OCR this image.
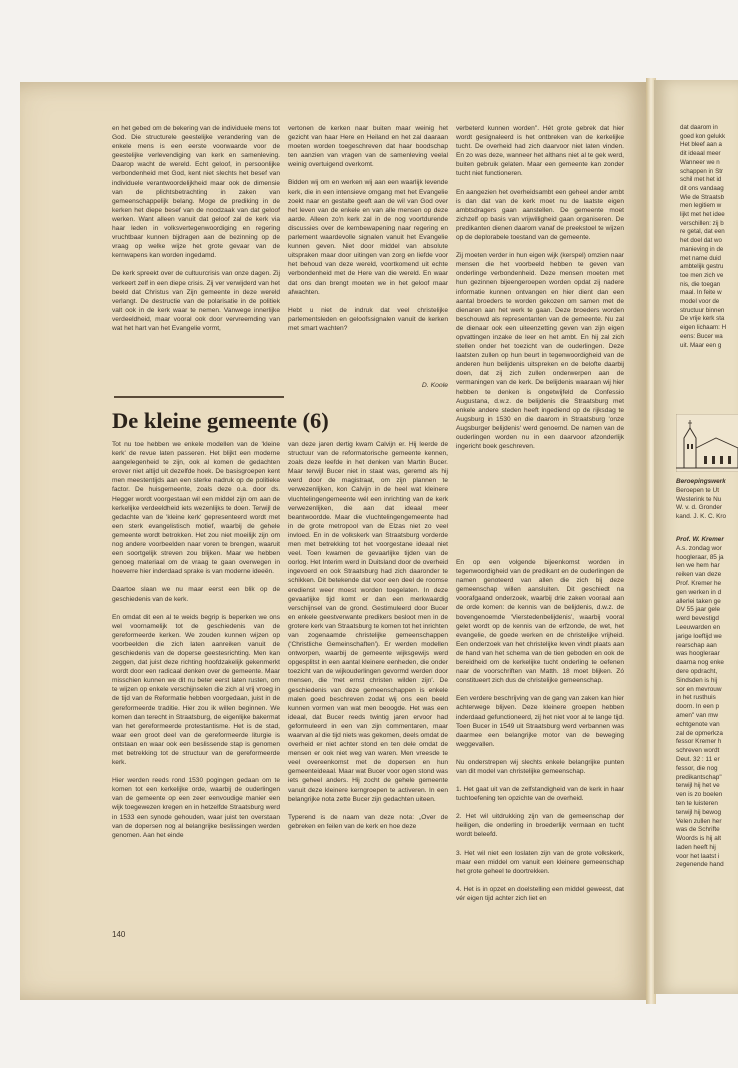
en het gebed om de bekering van de individuele mens tot God. Die structurele geestelijke verandering van de enkele mens is een eerste voorwaarde voor de geestelijke verlevendiging van kerk en samenleving. Daarop wacht de wereld. Echt geloof, in persoonlijke verbondenheid met God, kent niet slechts het besef van individuele verantwoordelijkheid maar ook de dimensie van de plichtsbetrachting in zaken van gemeenschappelijk belang. Moge de prediking in de kerken het diepe besef van de noodzaak van dat geloof werken. Want alleen vanuit dat geloof zal de kerk via haar leden in volksvertegenwoordiging en regering vruchtbaar kunnen bijdragen aan de bezinning op de vraag op welke wijze het grote gevaar van de kernwapens kan worden ingedamd.

De kerk spreekt over de cultuurcrisis van onze dagen. Zij verkeert zelf in een diepe crisis. Zij ver verwijderd van het beeld dat Christus van Zijn gemeente in deze wereld verlangt. De destructie van de polarisatie in de politiek valt ook in de kerk waar te nemen. Vanwege innerlijke verdeeldheid, maar vooral ook door vervreemding van wat het hart van het Evangelie vormt,

vertonen de kerken naar buiten maar weinig het gezicht van haar Here en Heiland en het zal daaraan moeten worden toegeschreven dat haar boodschap ten aanzien van vragen van de samenleving veelal weinig overtuigend overkomt.

Bidden wij om en werken wij aan een waarlijk levende kerk, die in een intensieve omgang met het Evangelie zoekt naar en gestalte geeft aan de wil van God over het leven van de enkele en van alle mensen op deze aarde. Alleen zo'n kerk zal in de nog voortdurende discussies over de kernbewapening naar regering en parlement waardevolle signalen vanuit het Evangelie kunnen geven. Niet door middel van absolute uitspraken maar door uitingen van zorg en liefde voor het behoud van deze wereld, voortkomend uit echte verbondenheid met de Here van die wereld. En waar dat ons dan brengt moeten we in het geloof maar afwachten.

Hebt u niet de indruk dat veel christelijke parlementsleden en geloofssignalen vanuit de kerken met smart wachten?

D. Koole

verbeterd kunnen worden". Hét grote gebrek dat hier wordt gesignaleerd is het ontbreken van de kerkelijke tucht. De overheid had zich daarvoor niet laten vinden. En zo was deze, wanneer het althans niet al te gek werd, buiten gebruik gelaten. Maar een gemeente kan zonder tucht niet functioneren.

En aangezien het overheidsambt een geheel ander ambt is dan dat van de kerk moet nu de laatste eigen ambtsdragers gaan aanstellen. De gemeente moet zichzelf op basis van vrijwilligheid gaan organiseren. De predikanten dienen daarom vanaf de preekstoel te wijzen op de deplorabele toestand van de gemeente.

Zij moeten verder in hun eigen wijk (kerspel) omzien naar mensen die het voorbeeld hebben te geven van onderlinge verbondenheid. Deze mensen moeten met hun gezinnen bijeengeroepen worden opdat zij nadere informatie kunnen ontvangen en hier dient dan een aantal broeders te worden gekozen om samen met de dienaren aan het werk te gaan. Deze broeders worden beschouwd als representanten van de gemeente. Nu zal de dienaar ook een uiteenzetting geven van zijn eigen opvattingen inzake de leer en het ambt. En hij zal zich stellen onder het toezicht van de ouderlingen. Deze laatsten zullen op hun beurt in tegenwoordigheid van de anderen hun belijdenis uitspreken en de belofte daarbij doen, dat zij zich zullen onderwerpen aan de vermaningen van de kerk. De belijdenis waaraan wij hier hebben te denken is ongetwijfeld de Confessio Augustana, d.w.z. de belijdenis die Straatsburg met enkele andere steden heeft ingediend op de rijksdag te Augsburg in 1530 en die daarom in Straatsburg 'onze Augsburger belijdenis' werd genoemd. De namen van de ouderlingen worden nu in een daarvoor afzonderlijk ingericht boek geschreven.

De kleine gemeente (6)

Tot nu toe hebben we enkele modellen van de 'kleine kerk' de revue laten passeren. Het blijkt een moderne aangelegenheid te zijn, ook al komen de gedachten erover niet altijd uit dezelfde hoek. De basisgroepen kent men meestentijds aan een sterke nadruk op de politieke factor. De huisgemeente, zoals deze o.a. door ds. Hegger wordt voorgestaan wil een middel zijn om aan de kerkelijke verdeeldheid iets wezenlijks te doen. Terwijl de gedachte van de 'kleine kerk' gepresenteerd wordt met een sterk evangelistisch motief, waarbij de gehele gemeente wordt betrokken. Het zou niet moeilijk zijn om nog andere voorbeelden naar voren te brengen, waaruit een soortgelijk streven zou blijken. Maar we hebben genoeg materiaal om de vraag te gaan overwegen in hoeverre hier inderdaad sprake is van moderne ideeën.

Daartoe slaan we nu maar eerst een blik op de geschiedenis van de kerk.

En omdat dit een al te weids begrip is beperken we ons wel voornamelijk tot de geschiedenis van de gereformeerde kerken. We zouden kunnen wijzen op voorbeelden die zich laten aanreiken vanuit de geschiedenis van de doperse geestesrichting. Men kan zeggen, dat juist deze richting hoofdzakelijk gekenmerkt wordt door een radicaal denken over de gemeente. Maar misschien kunnen we dit nu beter eerst laten rusten, om te wijzen op enkele verschijnselen die zich al vrij vroeg in de tijd van de Reformatie hebben voorgedaan, juist in de gereformeerde traditie. Hier zou ik willen beginnen. We komen dan terecht in Straatsburg, de eigenlijke bakermat van het gereformeerde protestantisme. Het is de stad, waar een groot deel van de gereformeerde liturgie is ontstaan en waar ook een beslissende stap is genomen met betrekking tot de structuur van de gereformeerde kerk.

Hier werden reeds rond 1530 pogingen gedaan om te komen tot een kerkelijke orde, waarbij de ouderlingen van de gemeente op een zeer eenvoudige manier een wijk toegewezen kregen en in hetzelfde Straatsburg werd in 1533 een synode gehouden, waar juist ten overstaan van de dopersen nog al belangrijke beslissingen werden genomen. Aan het einde

van deze jaren dertig kwam Calvijn er. Hij leerde de structuur van de reformatorische gemeente kennen, zoals deze leefde in het denken van Martin Bucer. Maar terwijl Bucer niet in staat was, geremd als hij werd door de magistraat, om zijn plannen te verwezenlijken, kon Calvijn in de heel wat kleinere vluchtelingengemeente wél een inrichting van de kerk verwezenlijken, die aan dat ideaal meer beantwoordde. Maar die vluchtelingengemeente had in de grote metropool van de Elzas niet zo veel invloed. En in de volkskerk van Straatsburg vorderde men met betrekking tot het voorgestane ideaal niet veel. Toen kwamen de gevaarlijke tijden van de oorlog. Het Interim werd in Duitsland door de overheid ingevoerd en ook Straatsburg had zich daaronder te schikken. Dit betekende dat voor een deel de roomse eredienst weer moest worden toegelaten. In deze gevaarlijke tijd komt er dan een merkwaardig verschijnsel van de grond. Gestimuleerd door Bucer en enkele geestverwante predikers besloot men in de grotere kerk van Straatsburg te komen tot het inrichten van zogenaamde christelijke gemeenschappen ('Christliche Gemeinschaften'). Er werden modellen ontworpen, waarbij de gemeente wijksgewijs werd opgesplitst in een aantal kleinere eenheden, die onder toezicht van de wijkouderlingen gevormd werden door mensen, die 'met ernst christen wilden zijn'. De geschiedenis van deze gemeenschappen is enkele malen goed beschreven zodat wij ons een beeld kunnen vormen van wat men beoogde. Het was een ideaal, dat Bucer reeds twintig jaren ervoor had geformuleerd in een van zijn commentaren, maar waarvan al die tijd niets was gekomen, deels omdat de overheid er niet achter stond en ten dele omdat de mensen er ook niet weg van waren. Men vreesde te veel overeenkomst met de dopersen en hun gemeenteideaal. Maar wat Bucer voor ogen stond was iets geheel anders. Hij zocht de gehele gemeente vanuit deze kleinere kerngroepen te activeren. In een belangrijke nota zette Bucer zijn gedachten uiteen.

Typerend is de naam van deze nota: „Over de gebreken en feilen van de kerk en hoe deze

En op een volgende bijeenkomst worden in tegenwoordigheid van de predikant en de ouderlingen de namen genoteerd van allen die zich bij deze gemeenschap willen aansluiten. Dit geschiedt na voorafgaand onderzoek, waarbij drie zaken vooraal aan de orde komen: de kennis van de belijdenis, d.w.z. de bovengenoemde 'Vierstedenbelijdenis', waarbij vooral gelet wordt op de kennis van de erfzonde, de wet, het evangelie, de goede werken en de christelijke vrijheid. Een onderzoek van het christelijke leven vindt plaats aan de hand van het schema van de tien geboden en ook de bereidheid om de kerkelijke tucht onderling te oefenen naar de voorschriften van Matth. 18 moet blijken. Zó constitueert zich dus de christelijke gemeenschap.

Een verdere beschrijving van de gang van zaken kan hier achterwege blijven. Deze kleinere groepen hebben inderdaad gefunctioneerd, zij het niet voor al te lange tijd. Toen Bucer in 1549 uit Straatsburg werd verbannen was daarmee een belangrijke motor van de beweging weggevallen.

Nu onderstrepen wij slechts enkele belangrijke punten van dit model van christelijke gemeenschap.

1. Het gaat uit van de zelfstandigheid van de kerk in haar tuchtoefening ten opzichte van de overheid.

2. Het wil uitdrukking zijn van de gemeenschap der heiligen, die onderling in broederlijk vermaan en tucht wordt beleefd.

3. Het wil niet een loslaten zijn van de grote volkskerk, maar een middel om vanuit een kleinere gemeenschap het grote geheel te doortrekken.

4. Het is in opzet en doelstelling een middel geweest, dat vér eigen tijd achter zich liet en

140
dat daarom in
goed kon gelukk
Het bleef aan a
dit ideaal meer
Wanneer we n
schappen in Str
schil met het id
dit ons vandaag
Wie de Straatsb
men legitiem w
lijkt met het idee
verschillen: zij b
re getal, dat een
het doel dat wo
manieving in de
met name duid
ambtelijk gestru
toe men zich ve
nis, die toegan
maal. In feite w
model voor de
structuur binnen
De vrije kerk sta
eigen lichaam: H
eens: Bucer wa
uit. Maar een g
Beroepingswerk
Beroepen te Ut
Westerink te Nu
W. v. d. Gronder
kand. J. K. C. Kro
Prof. W. Kremer
A.s. zondag wor
hoogleraar, 85 ja
len we hem har
reiken van deze
Prof. Kremer he
gen werken in d
allerlei taken ge
DV 55 jaar gele
werd bevestigd
Leeuwarden en
jarige loeftijd we
rearschap aan
was hoogleraar
daarna nog enke
dere opdracht,
Sindsden is hij
sor en mevrouw
in het rusthuis
doorn. In een p
amen" van mw
echtgenote van
zal de opmerkza
fessor Kremer h
schreven wordt
Deut. 32 : 11 er
fessor, die nog
predikantschap"
terwijl hij het ve
ven is zo boelen
ten te luisteren
terwijl hij bewog
Velen zullen her
was de Schrifte
Woords is hij alt
laden heeft hij
voor het laatst i
zegenende hand
